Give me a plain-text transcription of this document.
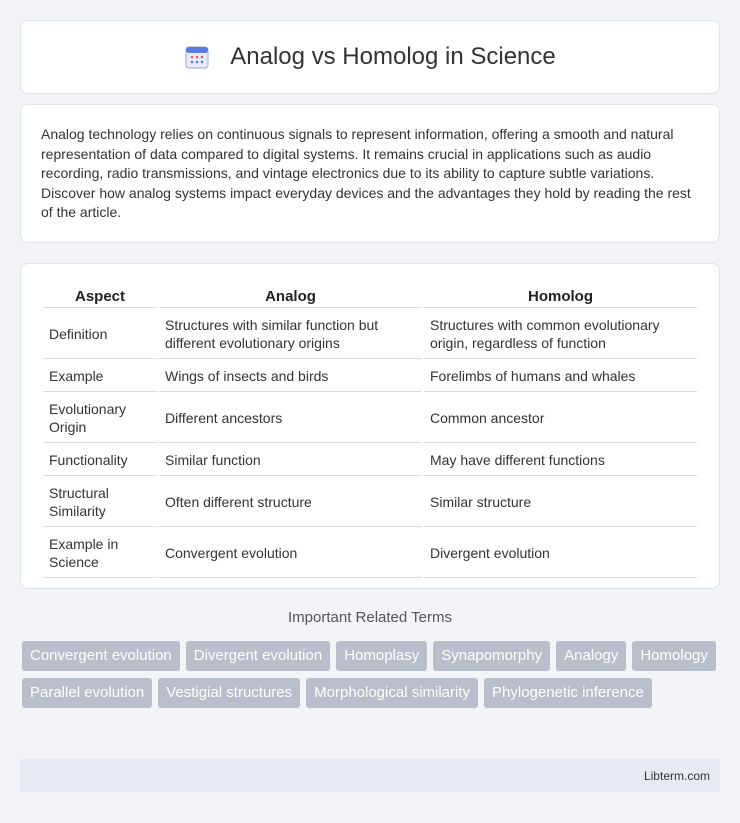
Analog vs Homolog in Science

Analog technology relies on continuous signals to represent information, offering a smooth and natural representation of data compared to digital systems. It remains crucial in applications such as audio recording, radio transmissions, and vintage electronics due to its ability to capture subtle variations. Discover how analog systems impact everyday devices and the advantages they hold by reading the rest of the article.

Aspect	Analog	Homolog
Definition	Structures with similar function but different evolutionary origins	Structures with common evolutionary origin, regardless of function
Example	Wings of insects and birds	Forelimbs of humans and whales
Evolutionary Origin	Different ancestors	Common ancestor
Functionality	Similar function	May have different functions
Structural Similarity	Often different structure	Similar structure
Example in Science	Convergent evolution	Divergent evolution
Important Related Terms
Convergent evolution	Divergent evolution	Homoplasy	Synapomorphy	Analogy	Homology
Parallel evolution	Vestigial structures	Morphological similarity	Phylogenetic inference
Libterm.com
